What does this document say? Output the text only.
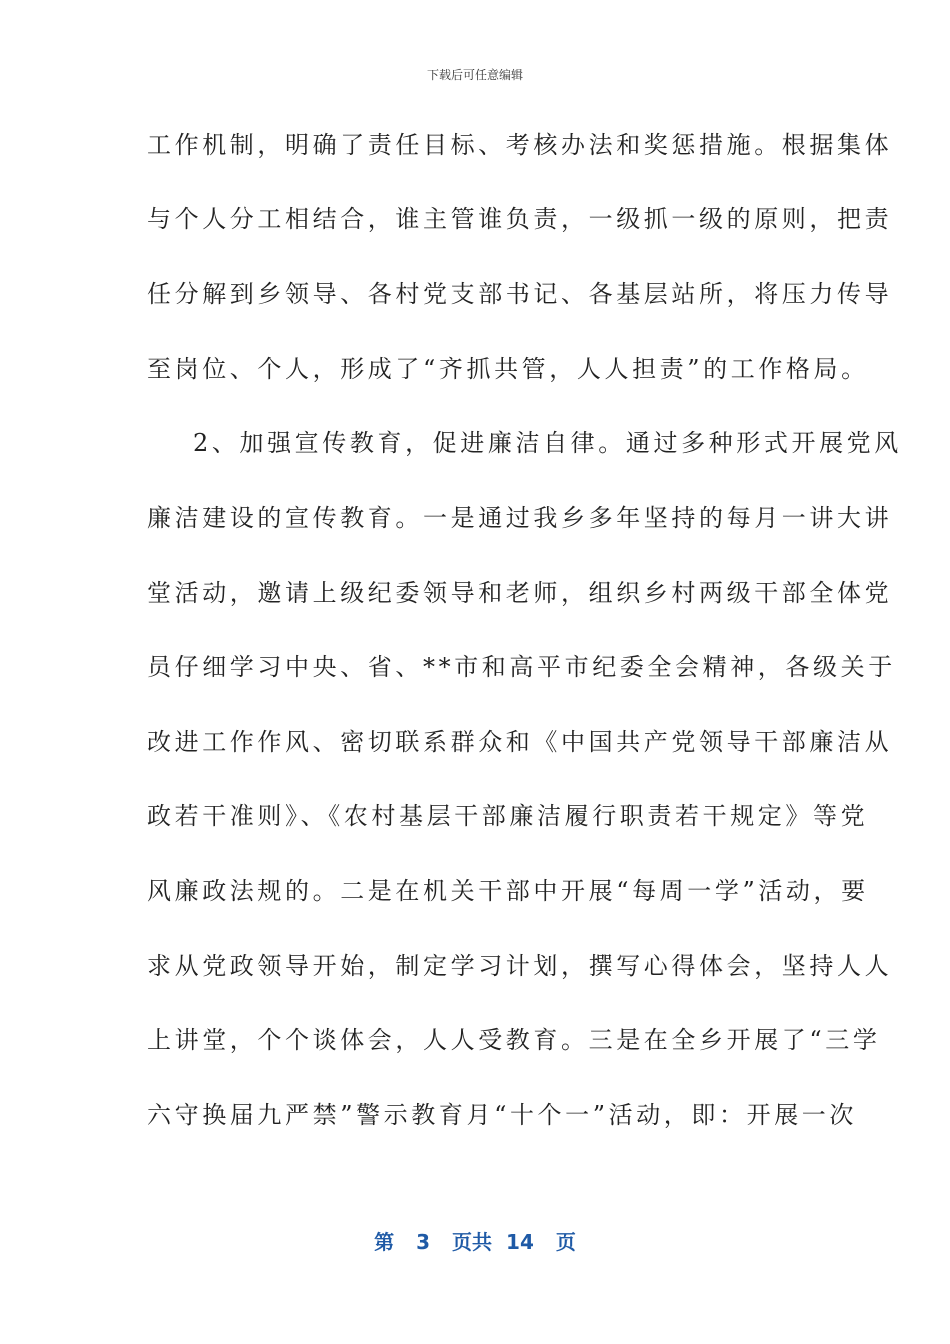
下载后可任意编辑
工作机制，明确了责任目标、考核办法和奖惩措施。根据集体
与个人分工相结合，谁主管谁负责，一级抓一级的原则，把责
任分解到乡领导、各村党支部书记、各基层站所，将压力传导
至岗位、个人，形成了“齐抓共管，人人担责”的工作格局。
2、加强宣传教育，促进廉洁自律。通过多种形式开展党风
廉洁建设的宣传教育。一是通过我乡多年坚持的每月一讲大讲
堂活动，邀请上级纪委领导和老师，组织乡村两级干部全体党
员仔细学习中央、省、**市和高平市纪委全会精神，各级关于
改进工作作风、密切联系群众和《中国共产党领导干部廉洁从
政若干准则》、《农村基层干部廉洁履行职责若干规定》等党
风廉政法规的。二是在机关干部中开展“每周一学”活动，要
求从党政领导开始，制定学习计划，撰写心得体会，坚持人人
上讲堂，个个谈体会，人人受教育。三是在全乡开展了“三学
六守换届九严禁”警示教育月“十个一”活动，即：开展一次
第 3 页共 14 页
